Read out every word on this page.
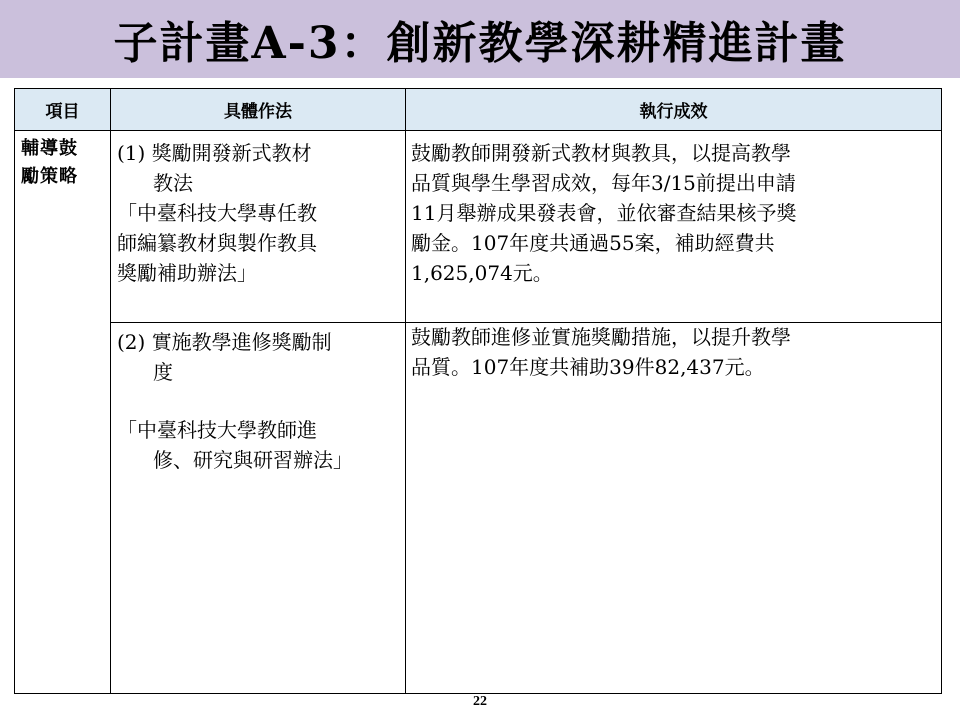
子計畫A-3：創新教學深耕精進計畫
項目	具體作法	執行成效
輔導鼓
勵策略
(1) 獎勵開發新式教材
教法
「中臺科技大學專任教
師編纂教材與製作教具
獎勵補助辦法」
鼓勵教師開發新式教材與教具，以提高教學
品質與學生學習成效，每年3/15前提出申請
11月舉辦成果發表會，並依審查結果核予獎
勵金。107年度共通過55案，補助經費共
1,625,074元。
(2) 實施教學進修獎勵制
度
「中臺科技大學教師進
修、研究與研習辦法」
鼓勵教師進修並實施獎勵措施，以提升教學
品質。107年度共補助39件82,437元。
22
